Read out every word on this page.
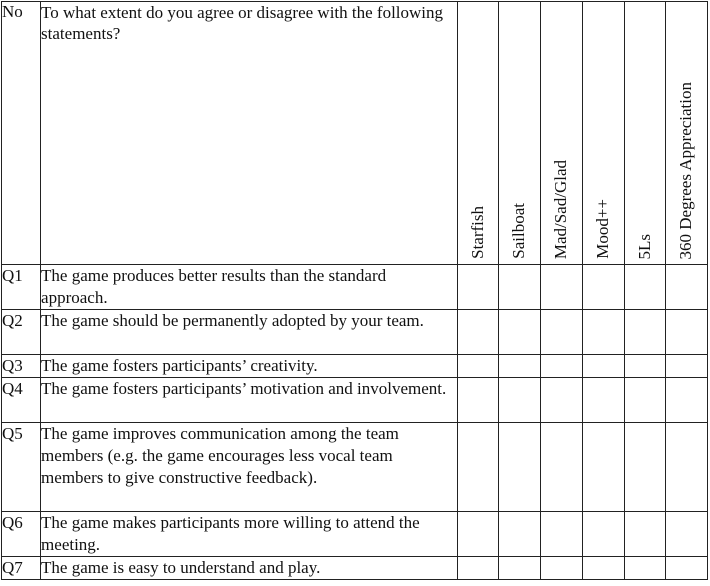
No	To what extent do you agree or disagree with the following statements?	Starfish	Sailboat	Mad/Sad/Glad	Mood++	5Ls	360 Degrees Appreciation

Q1	The game produces better results than the standard approach.						
Q2	The game should be permanently adopted by your team.						
Q3	The game fosters participants’ creativity.						
Q4	The game fosters participants’ motivation and involvement.						
Q5	The game improves communication among the team members (e.g. the game encourages less vocal team members to give constructive feedback).						
Q6	The game makes participants more willing to attend the meeting.						
Q7	The game is easy to understand and play.						
